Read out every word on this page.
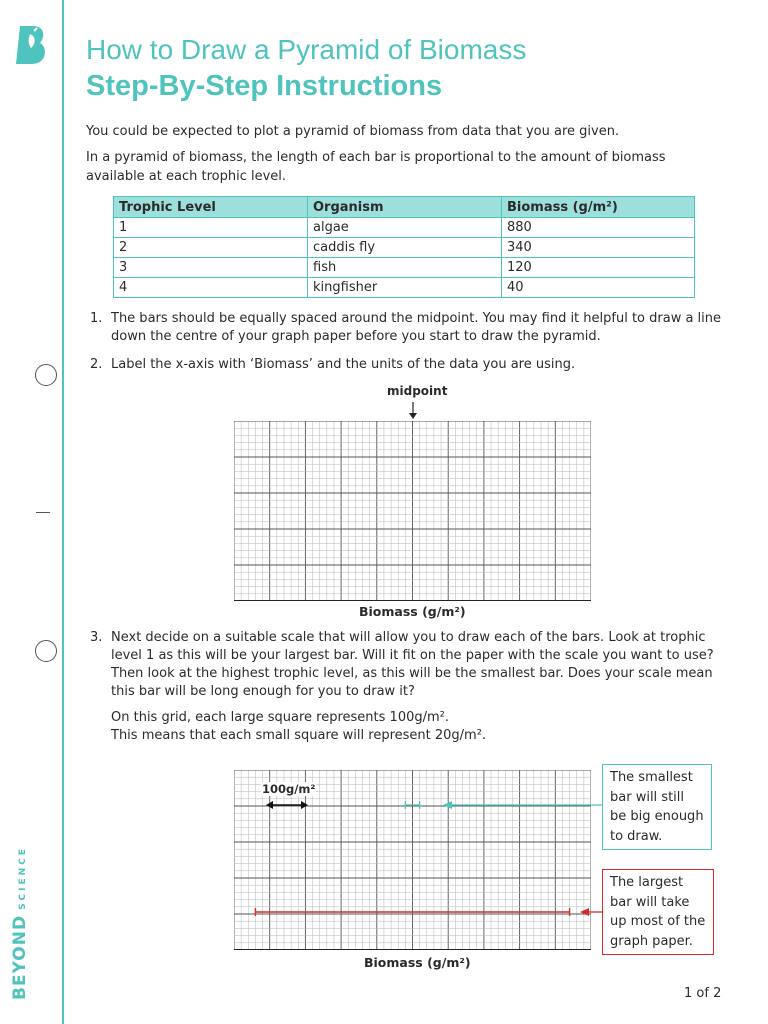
BEYONDSCIENCE
How to Draw a Pyramid of Biomass
Step-By-Step Instructions
You could be expected to plot a pyramid of biomass from data that you are given.
In a pyramid of biomass, the length of each bar is proportional to the amount of biomass available at each trophic level.
Trophic Level	Organism	Biomass (g/m²)
1	algae	880
2	caddis fly	340
3	fish	120
4	kingfisher	40
1. The bars should be equally spaced around the midpoint. You may find it helpful to draw a line down the centre of your graph paper before you start to draw the pyramid.
2. Label the x-axis with ‘Biomass’ and the units of the data you are using.
midpoint
Biomass (g/m²)
3. Next decide on a suitable scale that will allow you to draw each of the bars. Look at trophic level 1 as this will be your largest bar. Will it fit on the paper with the scale you want to use? Then look at the highest trophic level, as this will be the smallest bar. Does your scale mean this bar will be long enough for you to draw it?
On this grid, each large square represents 100g/m².
This means that each small square will represent 20g/m².
100g/m²
The smallest bar will still be big enough to draw.
The largest bar will take up most of the graph paper.
Biomass (g/m²)
1 of 2
